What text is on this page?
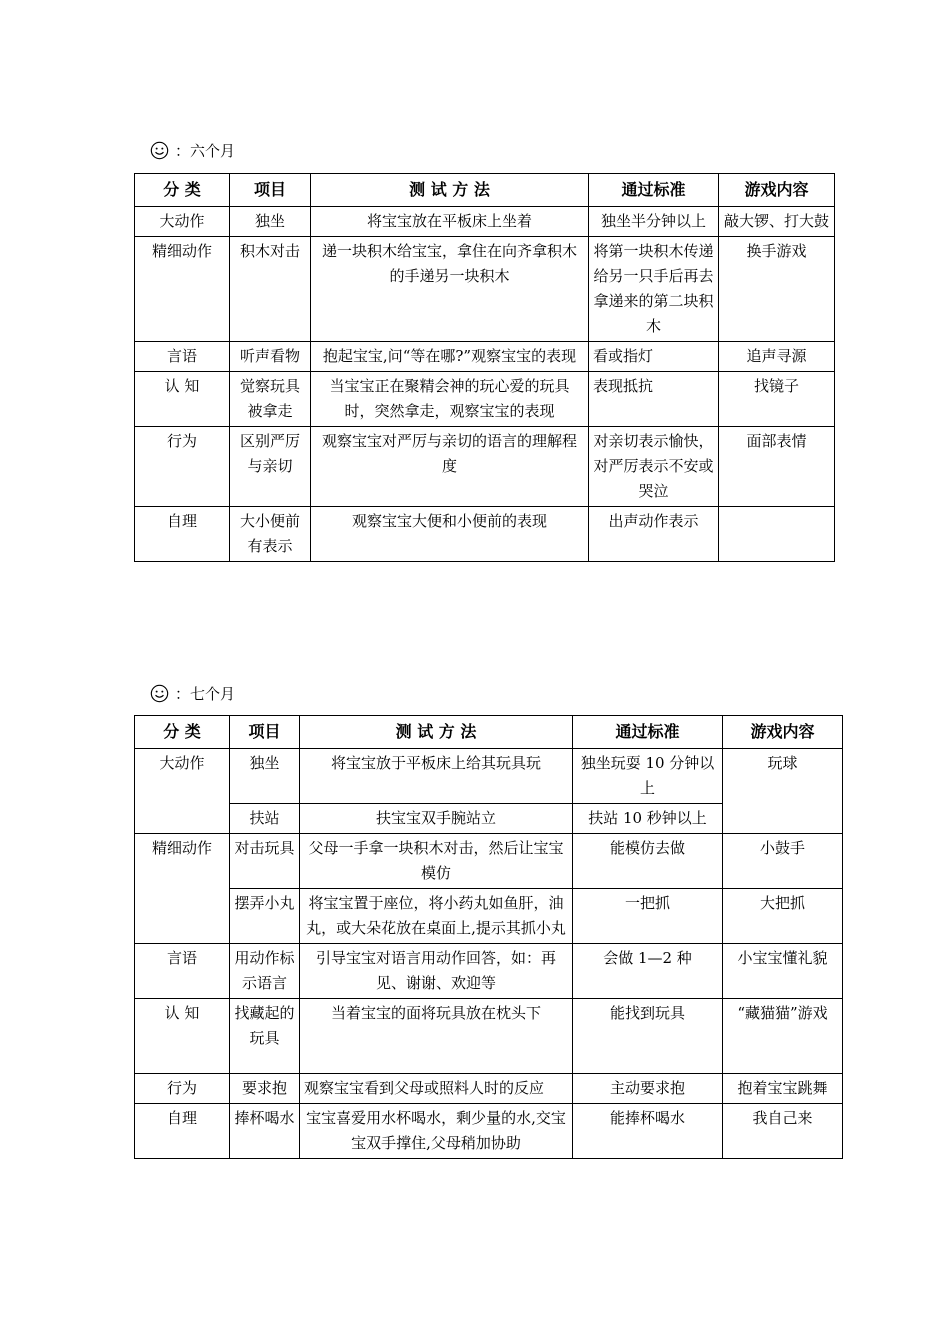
：六个月
分 类	项目	测 试 方 法	通过标准	游戏内容
大动作	独坐	将宝宝放在平板床上坐着	独坐半分钟以上	敲大锣、打大鼓
精细动作	积木对击	递一块积木给宝宝，拿住在向齐拿积木的手递另一块积木	将第一块积木传递给另一只手后再去拿递来的第二块积木	换手游戏
言语	听声看物	抱起宝宝,问“等在哪?”观察宝宝的表现	看或指灯	追声寻源
认 知	觉察玩具被拿走	当宝宝正在聚精会神的玩心爱的玩具时，突然拿走，观察宝宝的表现	表现抵抗	找镜子
行为	区别严厉与亲切	观察宝宝对严厉与亲切的语言的理解程度	对亲切表示愉快，对严厉表示不安或哭泣	面部表情
自理	大小便前有表示	观察宝宝大便和小便前的表现	出声动作表示	
：七个月
分 类	项目	测 试 方 法	通过标准	游戏内容
大动作	独坐	将宝宝放于平板床上给其玩具玩	独坐玩耍 10 分钟以上	玩球
	扶站	扶宝宝双手腕站立	扶站 10 秒钟以上	
精细动作	对击玩具	父母一手拿一块积木对击，然后让宝宝模仿	能模仿去做	小鼓手
	摆弄小丸	将宝宝置于座位，将小药丸如鱼肝，油丸，或大朵花放在桌面上,提示其抓小丸	一把抓	大把抓
言语	用动作标示语言	引导宝宝对语言用动作回答，如：再见、谢谢、欢迎等	会做 1—2 种	小宝宝懂礼貌
认 知	找藏起的玩具	当着宝宝的面将玩具放在枕头下	能找到玩具	“藏猫猫”游戏
行为	要求抱	观察宝宝看到父母或照料人时的反应	主动要求抱	抱着宝宝跳舞
自理	捧杯喝水	宝宝喜爱用水杯喝水，剩少量的水,交宝宝双手撑住,父母稍加协助	能捧杯喝水	我自己来
